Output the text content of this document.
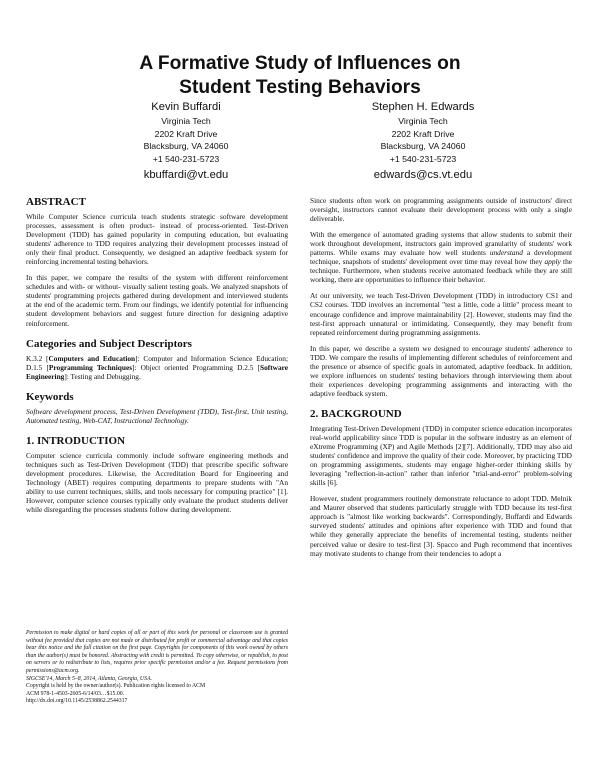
A Formative Study of Influences on
Student Testing Behaviors
Kevin Buffardi
Virginia Tech
2202 Kraft Drive
Blacksburg, VA 24060
+1 540-231-5723
kbuffardi@vt.edu
Stephen H. Edwards
Virginia Tech
2202 Kraft Drive
Blacksburg, VA 24060
+1 540-231-5723
edwards@cs.vt.edu
ABSTRACT

While Computer Science curricula teach students strategic software development processes, assessment is often product- instead of process-oriented. Test-Driven Development (TDD) has gained popularity in computing education, but evaluating students' adherence to TDD requires analyzing their development processes instead of only their final product. Consequently, we designed an adaptive feedback system for reinforcing incremental testing behaviors.

In this paper, we compare the results of the system with different reinforcement schedules and with- or without- visually salient testing goals. We analyzed snapshots of students' programming projects gathered during development and interviewed students at the end of the academic term. From our findings, we identify potential for influencing student development behaviors and suggest future direction for designing adaptive reinforcement.

Categories and Subject Descriptors

K.3.2 [Computers and Education]: Computer and Information Science Education; D.1.5 [Programming Techniques]: Object oriented Programming D.2.5 [Software Engineering]: Testing and Debugging.

Keywords

Software development process, Test-Driven Development (TDD), Test-first, Unit testing, Automated testing, Web-CAT, Instructional Technology.

1. INTRODUCTION

Computer science curricula commonly include software engineering methods and techniques such as Test-Driven Development (TDD) that prescribe specific software development procedures. Likewise, the Accreditation Board for Engineering and Technology (ABET) requires computing departments to prepare students with "An ability to use current techniques, skills, and tools necessary for computing practice" [1]. However, computer science courses typically only evaluate the product students deliver while disregarding the processes students follow during development.

Permission to make digital or hard copies of all or part of this work for personal or classroom use is granted without fee provided that copies are not made or distributed for profit or commercial advantage and that copies bear this notice and the full citation on the first page. Copyrights for components of this work owned by others than the author(s) must be honored. Abstracting with credit is permitted. To copy otherwise, or republish, to post on servers or to redistribute to lists, requires prior specific permission and/or a fee. Request permissions from permissions@acm.org.
SIGCSE'14, March 5–8, 2014, Atlanta, Georgia, USA.
Copyright is held by the owner/author(s). Publication rights licensed to ACM
ACM 978-1-4503-2605-6/14/03…$15.00.
http://dx.doi.org/10.1145/2538862.2544317

Since students often work on programming assignments outside of instructors' direct oversight, instructors cannot evaluate their development process with only a single deliverable.

With the emergence of automated grading systems that allow students to submit their work throughout development, instructors gain improved granularity of students' work patterns. While exams may evaluate how well students understand a development technique, snapshots of students' development over time may reveal how they apply the technique. Furthermore, when students receive automated feedback while they are still working, there are opportunities to influence their behavior.

At our university, we teach Test-Driven Development (TDD) in introductory CS1 and CS2 courses. TDD involves an incremental "test a little, code a little" process meant to encourage confidence and improve maintainability [2]. However, students may find the test-first approach unnatural or intimidating. Consequently, they may benefit from repeated reinforcement during programming assignments.

In this paper, we describe a system we designed to encourage students' adherence to TDD. We compare the results of implementing different schedules of reinforcement and the presence or absence of specific goals in automated, adaptive feedback. In addition, we explore influences on students' testing behaviors through interviewing them about their experiences developing programming assignments and interacting with the adaptive feedback system.

2. BACKGROUND

Integrating Test-Driven Development (TDD) in computer science education incorporates real-world applicability since TDD is popular in the software industry as an element of eXtreme Programming (XP) and Agile Methods [2][7]. Additionally, TDD may also aid students' confidence and improve the quality of their code. Moreover, by practicing TDD on programming assignments, students may engage higher-order thinking skills by leveraging "reflection-in-action" rather than inferior "trial-and-error" problem-solving skills [6].

However, student programmers routinely demonstrate reluctance to adopt TDD. Melnik and Maurer observed that students particularly struggle with TDD because its test-first approach is "almost like working backwards". Correspondingly, Buffardi and Edwards surveyed students' attitudes and opinions after experience with TDD and found that while they generally appreciate the benefits of incremental testing, students neither perceived value or desire to test-first [3]. Spacco and Pugh recommend that incentives may motivate students to change from their tendencies to adopt a
